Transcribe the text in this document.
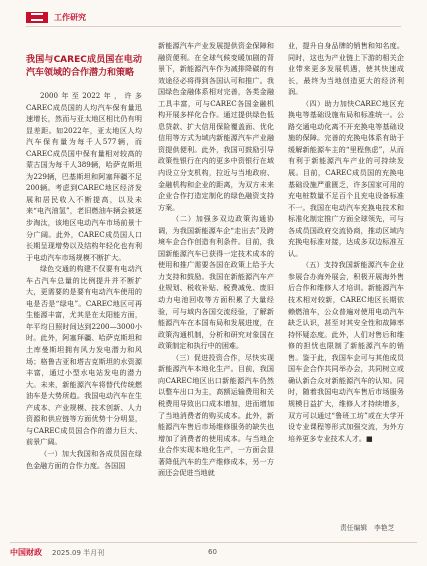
工作研究
我国与CAREC成员国在电动汽车领域的合作潜力和策略

2000年至2022年，许多CAREC成员国的人均汽车保有量迅速增长，然而与亚太地区相比仍有明显差距。如2022年，亚太地区人均汽车保有量为每千人577辆，而CAREC成员国中保有量相对较高的蒙古国为每千人389辆，哈萨克斯坦为229辆，巴基斯坦和阿塞拜疆不足200辆。考虑到CAREC地区经济发展和居民收入不断提高，以及未来“电汽油氢”，老旧燃油车辆会被逐步淘汰，该地区电动汽车市场前景十分广阔。此外，CAREC成员国人口长期呈现增势以及结构年轻化也有利于电动汽车市场规模不断扩大。

绿色交通的构建不仅要有电动汽车占汽车总量的比例提升并不断扩大，更需要的是要有电动汽车使用的电是否是“绿电”。CAREC地区可再生能源丰富，尤其是在太阳能方面，年平均日照时间达到2200—3000小时。此外，阿塞拜疆、哈萨克斯坦和土库曼斯坦拥有风力发电潜力和风场；格鲁吉亚和塔吉克斯坦的水资源丰富，通过小型水电站发电的潜力大。未来，新能源汽车将替代传统燃油车是大势所趋。我国电动汽车在生产成本、产业规模、技术创新、人力资源和供应链等方面优势十分明显，与CAREC成员国合作的潜力巨大、前景广阔。

（一）加大我国和各成员国在绿色金融方面的合作力度。各国国

新能源汽车产业发展提供资金保障和融资便利。在全球气候变暖加剧的背景下，新能源汽车作为减排降碳的有效途径必将得到各国认可和推广。我国绿色金融体系相对完善，各类金融工具丰富，可与CAREC各国金融机构开展多样化合作。通过提供绿色低息贷款、扩大信用保险覆盖面、优化信用等方式为域内新能源汽车产业融资提供便利。此外，我国可鼓励引导政策性银行在内的更多中资银行在域内设立分支机构，拉近与当地政府、金融机构和企业的距离，为双方未来企业合作打造定制化的绿色融资支持方案。

（二）加强多双边政策沟通协调，为我国新能源车企“走出去”及跨境车企合作创造有利条件。目前，我国新能源汽车已获得一定技术成本的使用和推广需要各国在政策上给予大力支持和鼓励。我国在新能源汽车产业规划、税收补贴、税费减免、废旧动力电池回收等方面积累了大量经验，可与域内各国交流经验，了解新能源汽车在本国布局和发展进度，在政策沟通机制，分析和研究对象国在政策制定和执行中的困难。

（三）促进投资合作，尽快实现新能源汽车本地化生产。目前，我国向CAREC地区出口新能源汽车仍然以整车出口为主，高额运输费用和关税费用导致出口成本增加，进而增加了当地消费者的购买成本。此外，新能源汽车售后市场维修服务的缺失也增加了消费者的使用成本。与当地企业合作实现本地化生产，一方面会显著降低汽车的生产维修成本，另一方面还会促进当地就

业，提升自身品牌的销售和知名度。同时，这也为产业链上下游的相关企业带来更多发展机遇，使其快速成长，最终为当地创造更大的经济利润。

（四）助力加快CAREC地区充换电等基础设施布局和标准统一。公路交通电动化离不开充换电等基础设施的保障。完善的充换电体系有助于缓解新能源车主的“里程焦虑”，从而有利于新能源汽车产业的可持续发展。目前，CAREC成员国的充换电基础设施严重匮乏，许多国家可用的充电桩数量不足百个且充电设备标准不一。我国在电动汽车充换电技术和标准化制定推广方面全球领先，可与各成员国政府交流协商，推动区域内充换电标准对接，达成多双边标准互认。

（五）支持我国新能源汽车企业参展合办海外展会，积极开展海外售后合作和维修人才培训。新能源汽车技术相对较新，CAREC地区长期依赖燃油车，公众普遍对使用电动汽车缺乏认识，甚至对其安全性和故障率持怀疑态度。此外，人们对售后和维修的担忧也限制了新能源汽车的销售。鉴于此，我国车企可与其他成员国车企合作共同举办会，共同树立或确认新合众对新能源汽车的认知。同时，随着我国电动汽车售后市场服务规模日益扩大，维修人才持续增多，双方可以通过“鲁班工坊”或在大学开设专业课程等形式加强交流，为外方培养更多专业技术人才。■

责任编辑　李艳芝
中国财政 2025.09 半月刊	60
